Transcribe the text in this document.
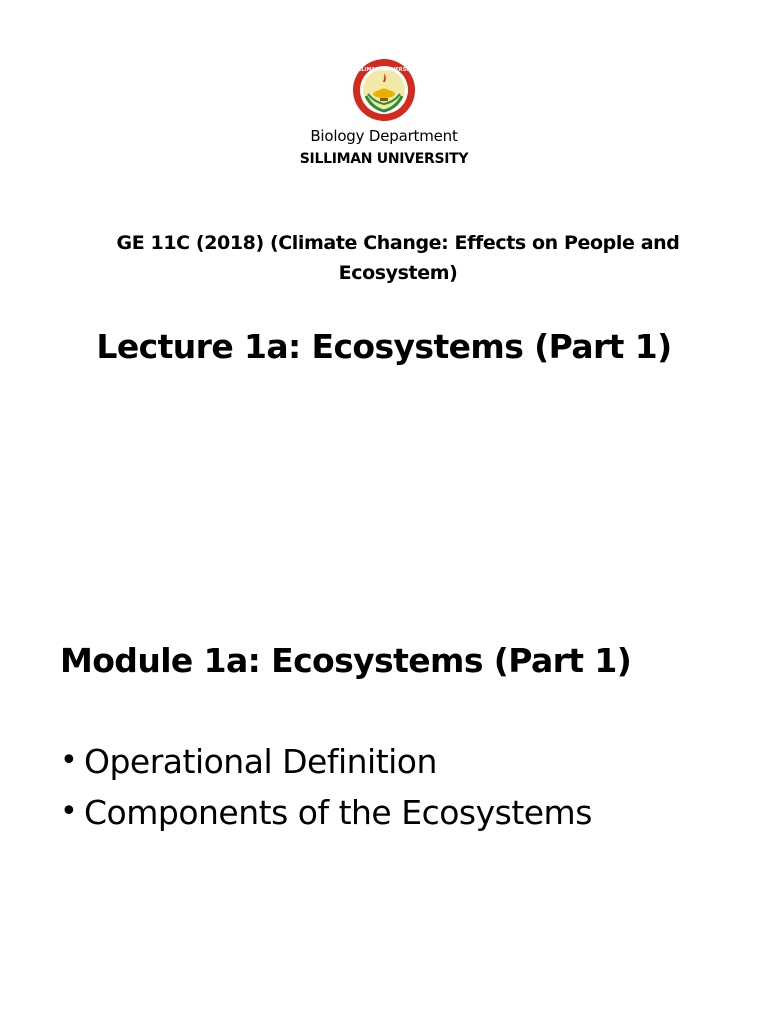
SILLIMAN UNIVERSITY
Biology Department
SILLIMAN UNIVERSITY
GE 11C (2018) (Climate Change: Effects on People and
Ecosystem)
Lecture 1a: Ecosystems (Part 1)
Module 1a: Ecosystems (Part 1)
• Operational Definition
• Components of the Ecosystems
